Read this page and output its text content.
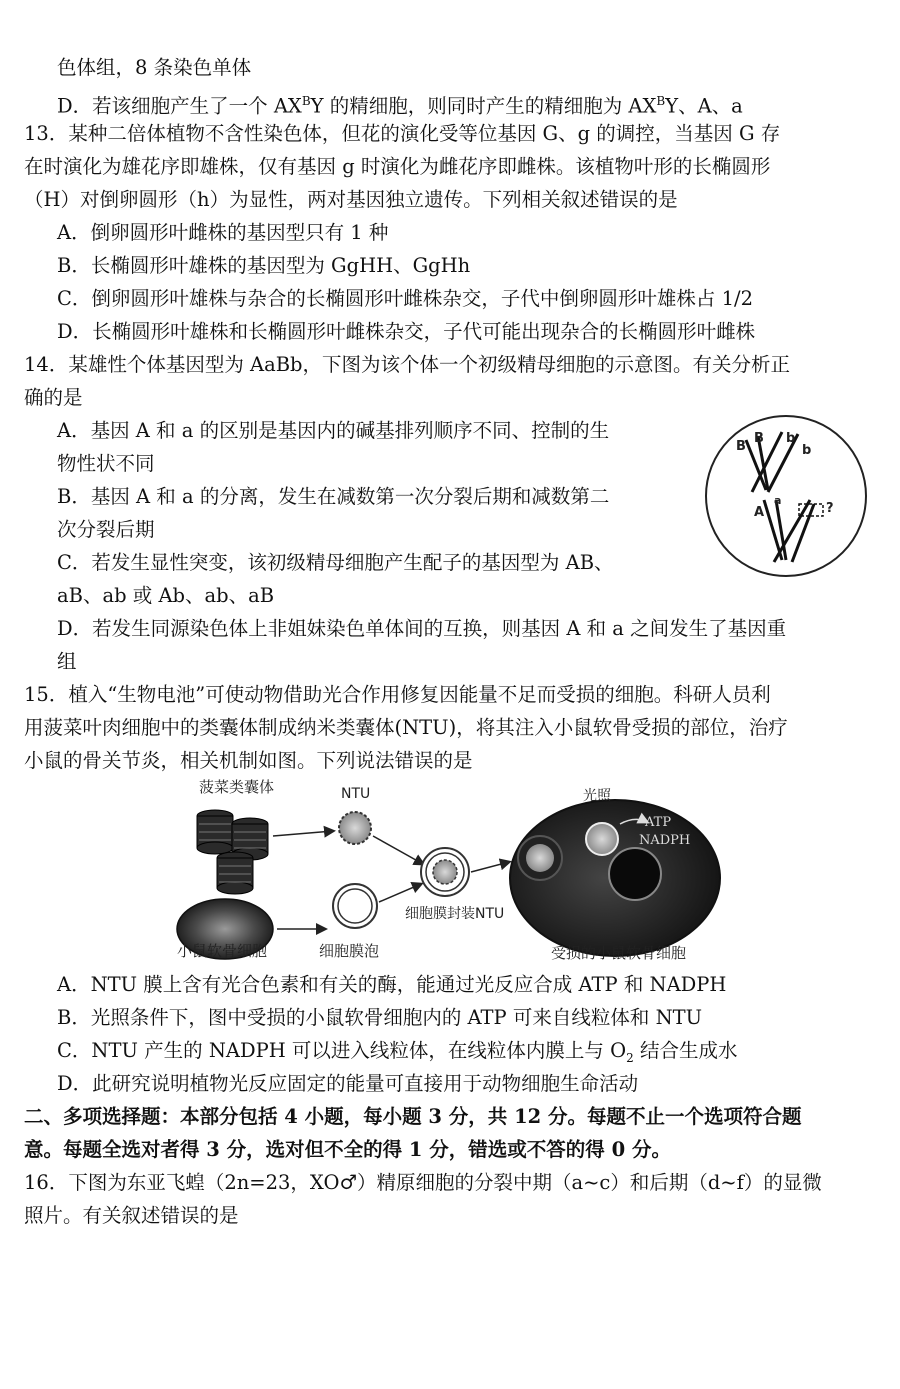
色体组，8 条染色单体
D．若该细胞产生了一个 $AX^BY$ 的精细胞，则同时产生的精细胞为 $AX^BY$、A、a
13．某种二倍体植物不含性染色体，但花的演化受等位基因 G、g 的调控，当基因 G 存
在时演化为雄花序即雄株，仅有基因 g 时演化为雌花序即雌株。该植物叶形的长椭圆形
（H）对倒卵圆形（h）为显性，两对基因独立遗传。下列相关叙述错误的是
A．倒卵圆形叶雌株的基因型只有 1 种
B．长椭圆形叶雄株的基因型为 GgHH、GgHh
C．倒卵圆形叶雄株与杂合的长椭圆形叶雌株杂交，子代中倒卵圆形叶雄株占 1/2
D．长椭圆形叶雄株和长椭圆形叶雌株杂交，子代可能出现杂合的长椭圆形叶雌株
14．某雄性个体基因型为 AaBb，下图为该个体一个初级精母细胞的示意图。有关分析正
确的是
A．基因 A 和 a 的区别是基因内的碱基排列顺序不同、控制的生
物性状不同
B．基因 A 和 a 的分离，发生在减数第一次分裂后期和减数第二
次分裂后期
C．若发生显性突变，该初级精母细胞产生配子的基因型为 AB、
aB、ab 或 Ab、ab、aB
D．若发生同源染色体上非姐妹染色单体间的互换，则基因 A 和 a 之间发生了基因重
组
B
B b
b
A
a
?
15．植入“生物电池”可使动物借助光合作用修复因能量不足而受损的细胞。科研人员利
用菠菜叶肉细胞中的类囊体制成纳米类囊体(NTU)，将其注入小鼠软骨受损的部位，治疗
小鼠的骨关节炎，相关机制如图。下列说法错误的是
菠菜类囊体
小鼠软骨细胞
NTU
细胞膜泡
细胞膜封装NTU
ATP
NADPH
光照
受损的小鼠软骨细胞
A．NTU 膜上含有光合色素和有关的酶，能通过光反应合成 ATP 和 NADPH
B．光照条件下，图中受损的小鼠软骨细胞内的 ATP 可来自线粒体和 NTU
C．NTU 产生的 NADPH 可以进入线粒体，在线粒体内膜上与 $O_2$ 结合生成水
D．此研究说明植物光反应固定的能量可直接用于动物细胞生命活动
二、多项选择题：本部分包括 4 小题，每小题 3 分，共 12 分。每题不止一个选项符合题
意。每题全选对者得 3 分，选对但不全的得 1 分，错选或不答的得 0 分。
16．下图为东亚飞蝗（2n=23，XO♂）精原细胞的分裂中期（a~c）和后期（d~f）的显微
照片。有关叙述错误的是
